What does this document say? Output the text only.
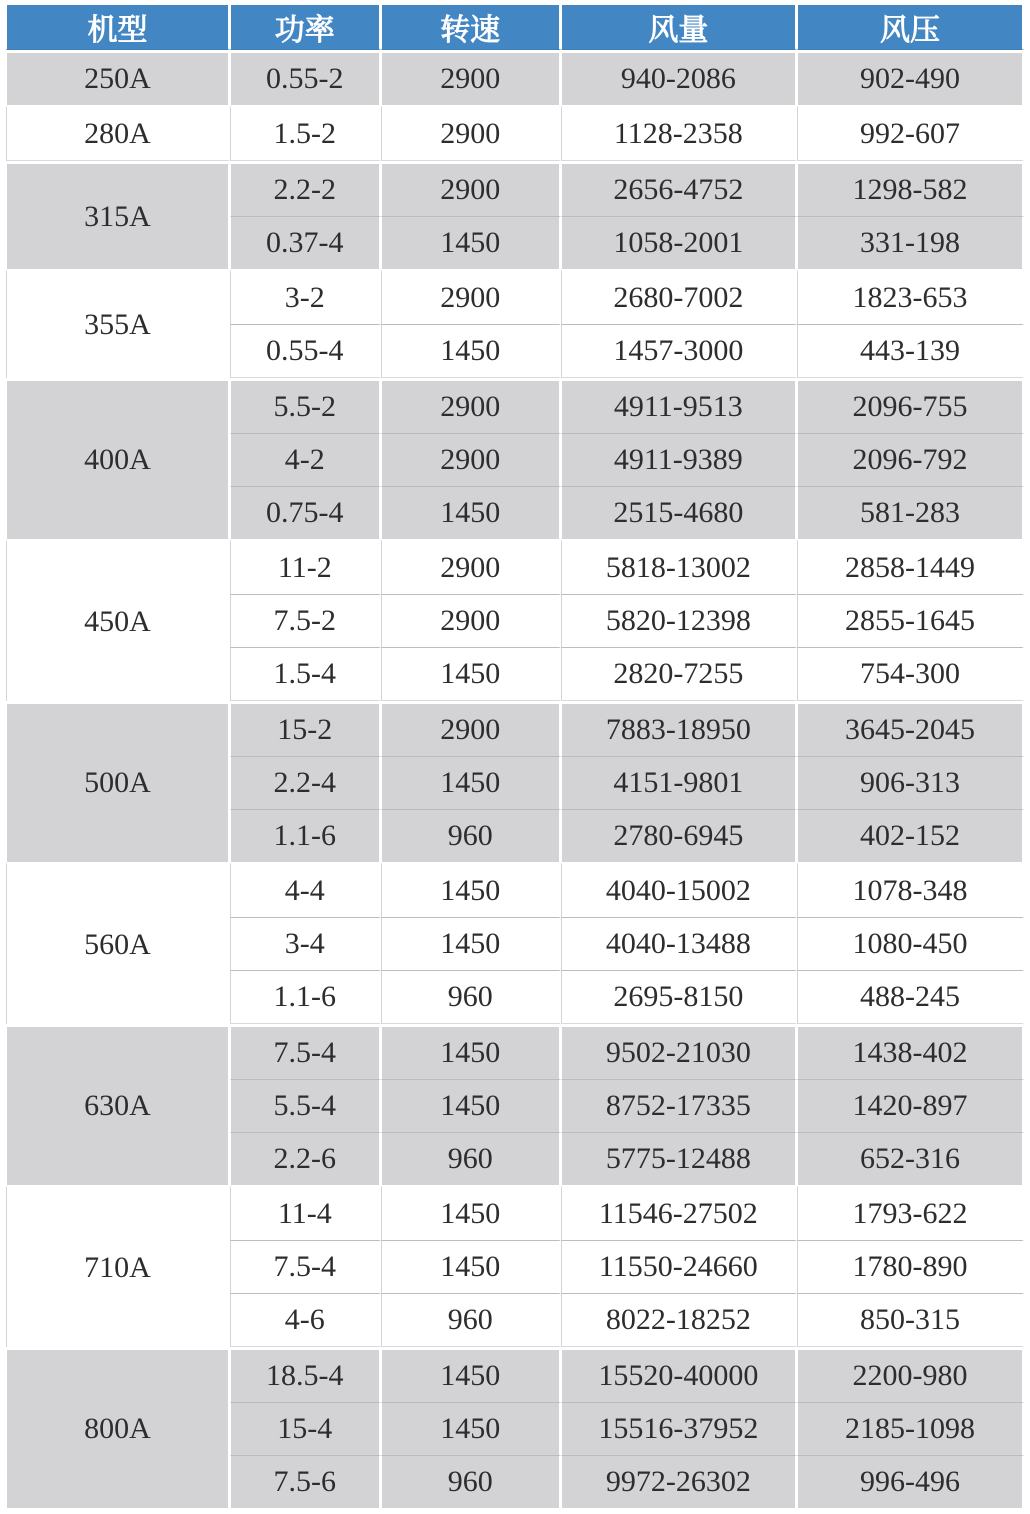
机型	功率	转速	风量	风压
250A	0.55-2	2900	940-2086	902-490
280A	1.5-2	2900	1128-2358	992-607
315A	2.2-2	2900	2656-4752	1298-582
	0.37-4	1450	1058-2001	331-198
355A	3-2	2900	2680-7002	1823-653
	0.55-4	1450	1457-3000	443-139
400A	5.5-2	2900	4911-9513	2096-755
	4-2	2900	4911-9389	2096-792
	0.75-4	1450	2515-4680	581-283
450A	11-2	2900	5818-13002	2858-1449
	7.5-2	2900	5820-12398	2855-1645
	1.5-4	1450	2820-7255	754-300
500A	15-2	2900	7883-18950	3645-2045
	2.2-4	1450	4151-9801	906-313
	1.1-6	960	2780-6945	402-152
560A	4-4	1450	4040-15002	1078-348
	3-4	1450	4040-13488	1080-450
	1.1-6	960	2695-8150	488-245
630A	7.5-4	1450	9502-21030	1438-402
	5.5-4	1450	8752-17335	1420-897
	2.2-6	960	5775-12488	652-316
710A	11-4	1450	11546-27502	1793-622
	7.5-4	1450	11550-24660	1780-890
	4-6	960	8022-18252	850-315
800A	18.5-4	1450	15520-40000	2200-980
	15-4	1450	15516-37952	2185-1098
	7.5-6	960	9972-26302	996-496
